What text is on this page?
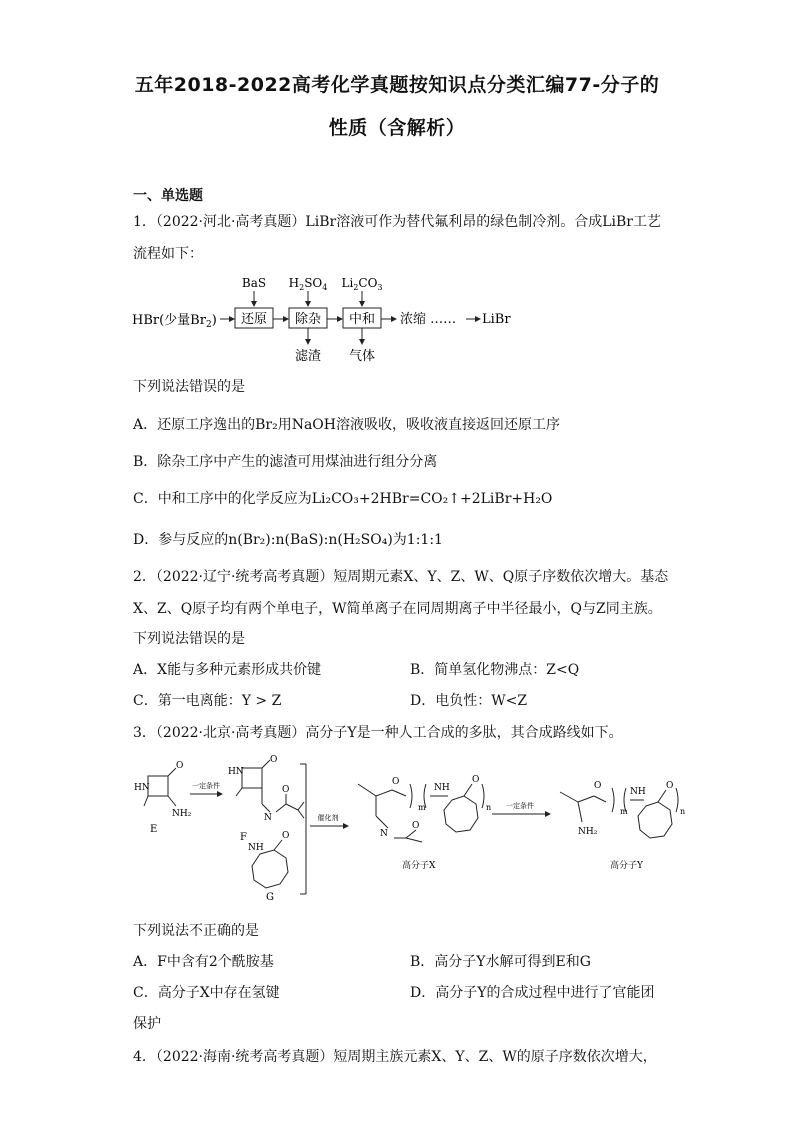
五年2018-2022高考化学真题按知识点分类汇编77-分子的
性质（含解析）
一、单选题
1．（2022·河北·高考真题）LiBr溶液可作为替代氟利昂的绿色制冷剂。合成LiBr工艺
流程如下：
HBr(少量$Br_2$) 还原 除杂 中和 浓缩 …… LiBr
BaS $H_2SO_4$ $Li_2CO_3$
滤渣 气体
下列说法错误的是
A．还原工序逸出的Br₂用NaOH溶液吸收，吸收液直接返回还原工序
B．除杂工序中产生的滤渣可用煤油进行组分分离
C．中和工序中的化学反应为Li₂CO₃+2HBr=CO₂↑+2LiBr+H₂O
D．参与反应的n(Br₂):n(BaS):n(H₂SO₄)为1:1:1
2．（2022·辽宁·统考高考真题）短周期元素X、Y、Z、W、Q原子序数依次增大。基态
X、Z、Q原子均有两个单电子，W简单离子在同周期离子中半径最小，Q与Z同主族。
下列说法错误的是
A．X能与多种元素形成共价键	B．简单氢化物沸点：Z<Q
C．第一电离能：Y > Z	D．电负性：W<Z
3．（2022·北京·高考真题）高分子Y是一种人工合成的多肽，其合成路线如下。
HN
O
NH₂
E
一定条件
HN
O
N
O
F
NH
O
G
催化剂
O
N
O
m
NH
O
n
高分子X
一定条件
O
NH₂
m
NH
O
n
高分子Y
下列说法不正确的是
A．F中含有2个酰胺基	B．高分子Y水解可得到E和G
C．高分子X中存在氢键	D．高分子Y的合成过程中进行了官能团
保护
4．（2022·海南·统考高考真题）短周期主族元素X、Y、Z、W的原子序数依次增大，
